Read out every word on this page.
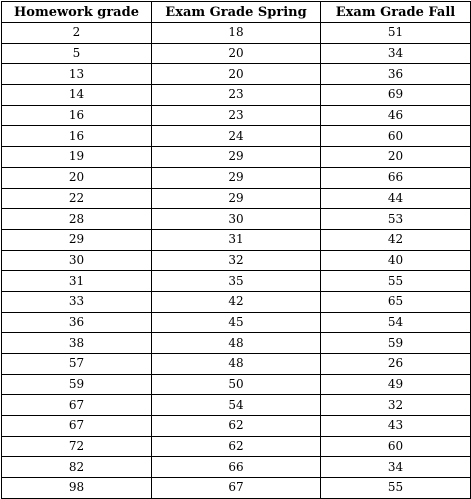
Homework grade	Exam Grade Spring	Exam Grade Fall
2	18	51
5	20	34
13	20	36
14	23	69
16	23	46
16	24	60
19	29	20
20	29	66
22	29	44
28	30	53
29	31	42
30	32	40
31	35	55
33	42	65
36	45	54
38	48	59
57	48	26
59	50	49
67	54	32
67	62	43
72	62	60
82	66	34
98	67	55
